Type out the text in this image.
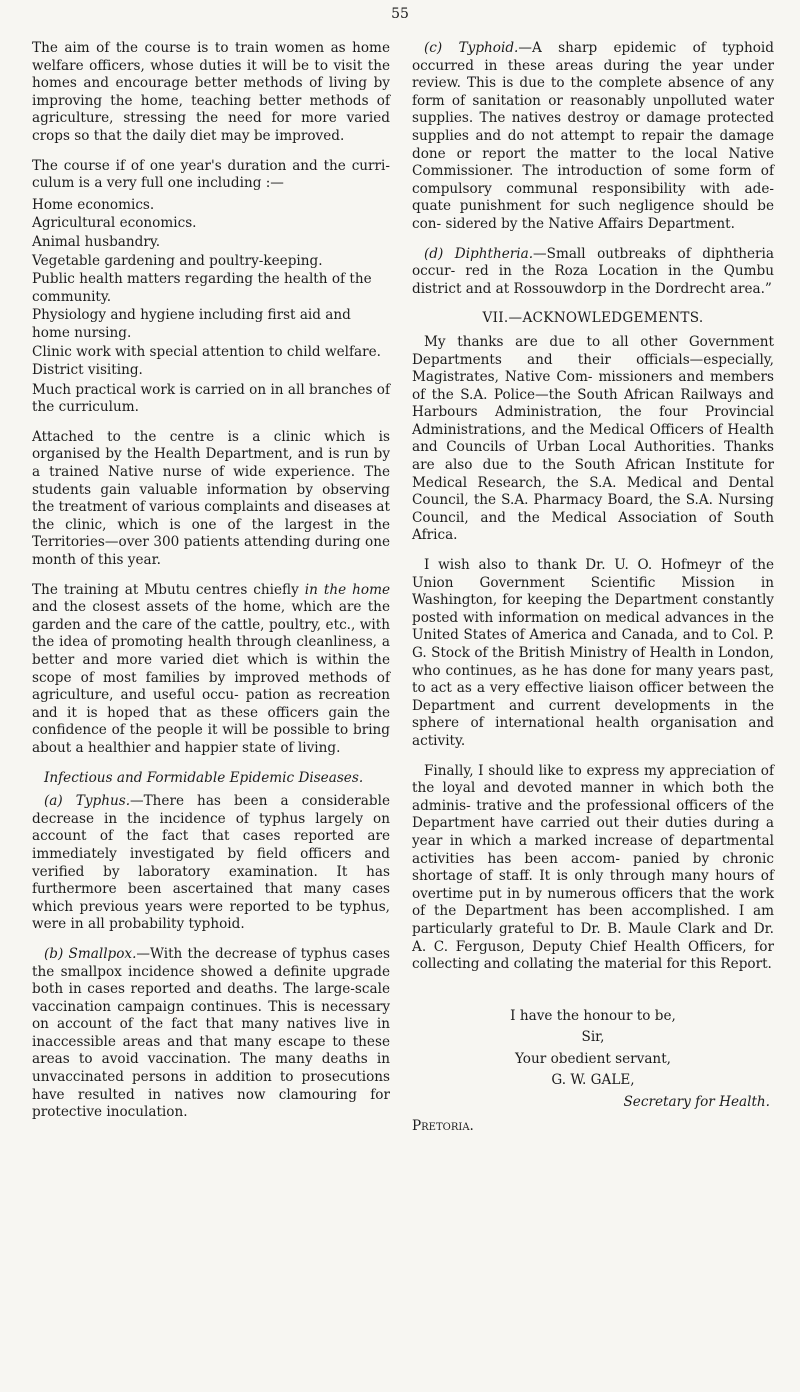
55

The aim of the course is to train women as home welfare officers, whose duties it will be to visit the homes and encourage better methods of living by improving the home, teaching better methods of agriculture, stressing the need for more varied crops so that the daily diet may be improved.

The course if of one year's duration and the curri- culum is a very full one including :—

Home economics.
Agricultural economics.
Animal husbandry.
Vegetable gardening and poultry-keeping.
Public health matters regarding the health of the community.
Physiology and hygiene including first aid and home nursing.
Clinic work with special attention to child welfare.
District visiting.

Much practical work is carried on in all branches of the curriculum.

Attached to the centre is a clinic which is organised by the Health Department, and is run by a trained Native nurse of wide experience. The students gain valuable information by observing the treatment of various complaints and diseases at the clinic, which is one of the largest in the Territories—over 300 patients attending during one month of this year.

The training at Mbutu centres chiefly in the home and the closest assets of the home, which are the garden and the care of the cattle, poultry, etc., with the idea of promoting health through cleanliness, a better and more varied diet which is within the scope of most families by improved methods of agriculture, and useful occu- pation as recreation and it is hoped that as these officers gain the confidence of the people it will be possible to bring about a healthier and happier state of living.

Infectious and Formidable Epidemic Diseases.

(a) Typhus.—There has been a considerable decrease in the incidence of typhus largely on account of the fact that cases reported are immediately investigated by field officers and verified by laboratory examination. It has furthermore been ascertained that many cases which previous years were reported to be typhus, were in all probability typhoid.

(b) Smallpox.—With the decrease of typhus cases the smallpox incidence showed a definite upgrade both in cases reported and deaths. The large-scale vaccination campaign continues. This is necessary on account of the fact that many natives live in inaccessible areas and that many escape to these areas to avoid vaccination. The many deaths in unvaccinated persons in addition to prosecutions have resulted in natives now clamouring for protective inoculation.

(c) Typhoid.—A sharp epidemic of typhoid occurred in these areas during the year under review. This is due to the complete absence of any form of sanitation or reasonably unpolluted water supplies. The natives destroy or damage protected supplies and do not attempt to repair the damage done or report the matter to the local Native Commissioner. The introduction of some form of compulsory communal responsibility with ade- quate punishment for such negligence should be con- sidered by the Native Affairs Department.

(d) Diphtheria.—Small outbreaks of diphtheria occur- red in the Roza Location in the Qumbu district and at Rossouwdorp in the Dordrecht area.”

VII.—ACKNOWLEDGEMENTS.

My thanks are due to all other Government Departments and their officials—especially, Magistrates, Native Com- missioners and members of the S.A. Police—the South African Railways and Harbours Administration, the four Provincial Administrations, and the Medical Officers of Health and Councils of Urban Local Authorities. Thanks are also due to the South African Institute for Medical Research, the S.A. Medical and Dental Council, the S.A. Pharmacy Board, the S.A. Nursing Council, and the Medical Association of South Africa.

I wish also to thank Dr. U. O. Hofmeyr of the Union Government Scientific Mission in Washington, for keeping the Department constantly posted with information on medical advances in the United States of America and Canada, and to Col. P. G. Stock of the British Ministry of Health in London, who continues, as he has done for many years past, to act as a very effective liaison officer between the Department and current developments in the sphere of international health organisation and activity.

Finally, I should like to express my appreciation of the loyal and devoted manner in which both the adminis- trative and the professional officers of the Department have carried out their duties during a year in which a marked increase of departmental activities has been accom- panied by chronic shortage of staff. It is only through many hours of overtime put in by numerous officers that the work of the Department has been accomplished. I am particularly grateful to Dr. B. Maule Clark and Dr. A. C. Ferguson, Deputy Chief Health Officers, for collecting and collating the material for this Report.

I have the honour to be,
Sir,
Your obedient servant,
G. W. GALE,
Secretary for Health.
Pretoria.
